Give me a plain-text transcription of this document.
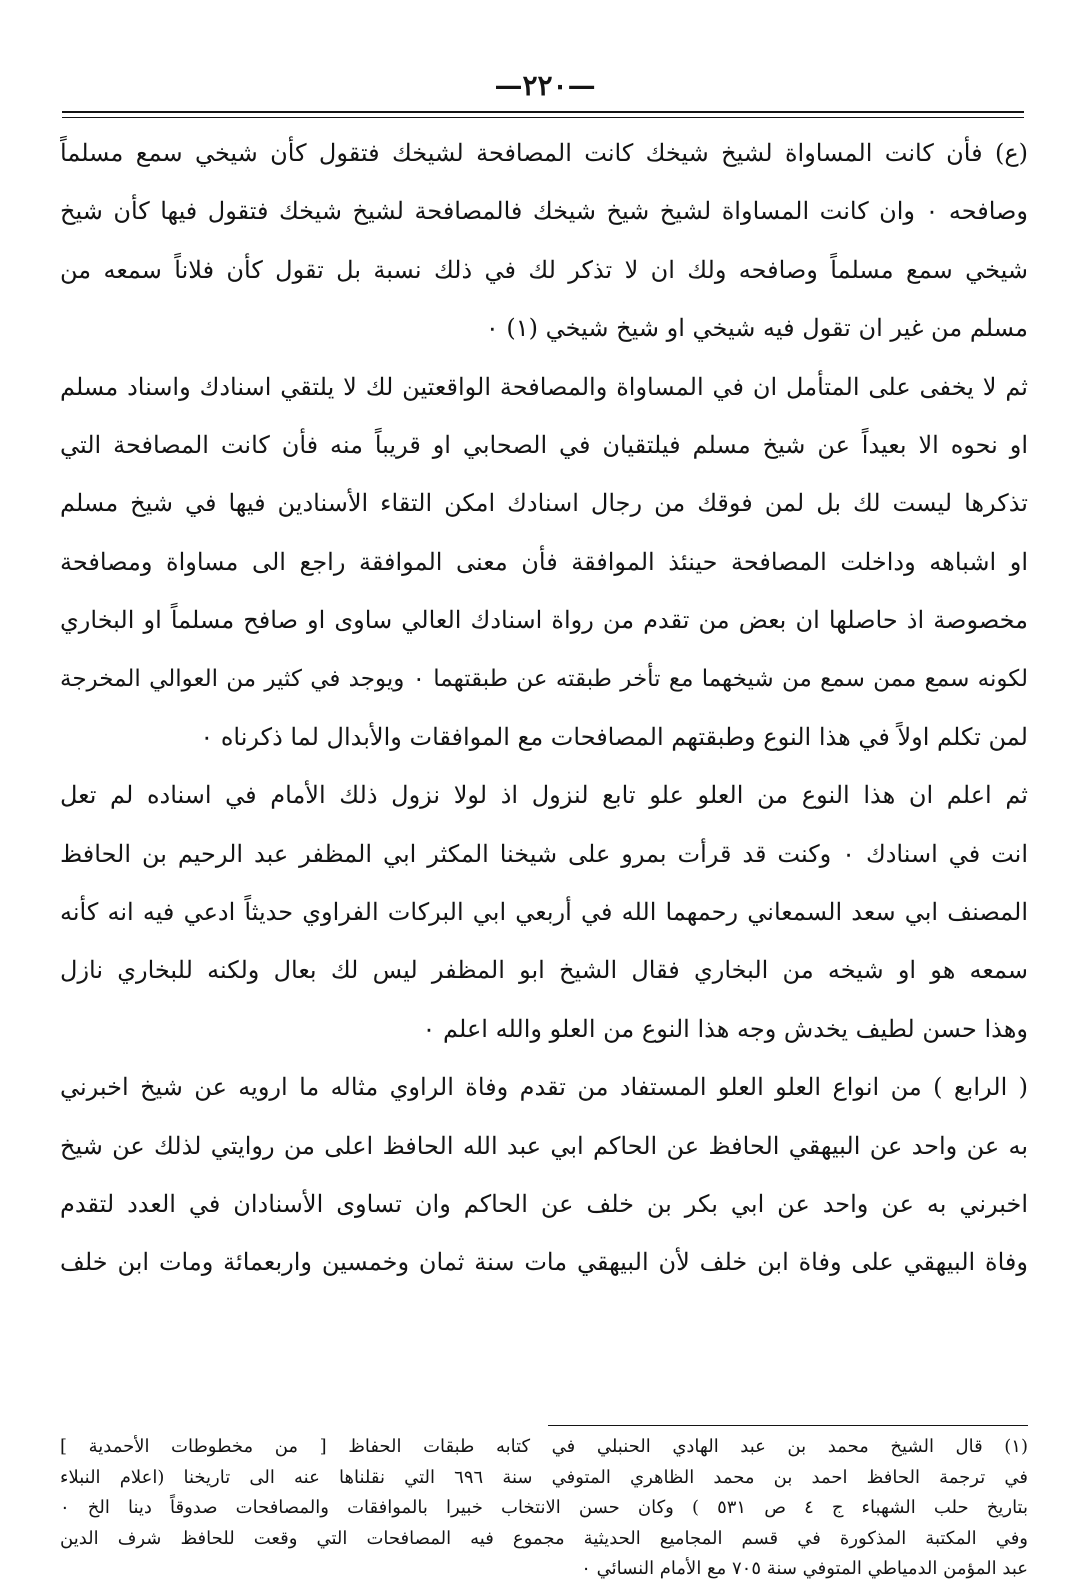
—٢٢٠—
(ع) فأن كانت المساواة لشيخ شيخك كانت المصافحة لشيخك فتقول كأن شيخي سمع مسلماً
وصافحه ٠ وان كانت المساواة لشيخ شيخ شيخك فالمصافحة لشيخ شيخك فتقول فيها كأن شيخ
شيخي سمع مسلماً وصافحه ولك ان لا تذكر لك في ذلك نسبة بل تقول كأن فلاناً سمعه من
مسلم من غير ان تقول فيه شيخي او شيخ شيخي (١) ٠
ثم لا يخفى على المتأمل ان في المساواة والمصافحة الواقعتين لك لا يلتقي اسنادك واسناد مسلم
او نحوه الا بعيداً عن شيخ مسلم فيلتقيان في الصحابي او قريباً منه فأن كانت المصافحة التي
تذكرها ليست لك بل لمن فوقك من رجال اسنادك امكن التقاء الأسنادين فيها في شيخ مسلم
او اشباهه وداخلت المصافحة حينئذ الموافقة فأن معنى الموافقة راجع الى مساواة ومصافحة
مخصوصة اذ حاصلها ان بعض من تقدم من رواة اسنادك العالي ساوى او صافح مسلماً او البخاري
لكونه سمع ممن سمع من شيخهما مع تأخر طبقته عن طبقتهما ٠ ويوجد في كثير من العوالي المخرجة
لمن تكلم اولاً في هذا النوع وطبقتهم المصافحات مع الموافقات والأبدال لما ذكرناه ٠
ثم اعلم ان هذا النوع من العلو علو تابع لنزول اذ لولا نزول ذلك الأمام في اسناده لم تعل
انت في اسنادك ٠ وكنت قد قرأت بمرو على شيخنا المكثر ابي المظفر عبد الرحيم بن الحافظ
المصنف ابي سعد السمعاني رحمهما الله في أربعي ابي البركات الفراوي حديثاً ادعي فيه انه كأنه
سمعه هو او شيخه من البخاري فقال الشيخ ابو المظفر ليس لك بعال ولكنه للبخاري نازل
وهذا حسن لطيف يخدش وجه هذا النوع من العلو والله اعلم ٠
( الرابع ) من انواع العلو العلو المستفاد من تقدم وفاة الراوي مثاله ما ارويه عن شيخ اخبرني
به عن واحد عن البيهقي الحافظ عن الحاكم ابي عبد الله الحافظ اعلى من روايتي لذلك عن شيخ
اخبرني به عن واحد عن ابي بكر بن خلف عن الحاكم وان تساوى الأسنادان في العدد لتقدم
وفاة البيهقي على وفاة ابن خلف لأن البيهقي مات سنة ثمان وخمسين واربعمائة ومات ابن خلف
(١) قال الشيخ محمد بن عبد الهادي الحنبلي في كتابه طبقات الحفاظ [ من مخطوطات الأحمدية ]
في ترجمة الحافظ احمد بن محمد الظاهري المتوفي سنة ٦٩٦ التي نقلناها عنه الى تاريخنا (اعلام النبلاء
بتاريخ حلب الشهباء ج ٤ ص ٥٣١ ) وكان حسن الانتخاب خبيرا بالموافقات والمصافحات صدوقاً دينا الخ ٠
وفي المكتبة المذكورة في قسم المجاميع الحديثية مجموع فيه المصافحات التي وقعت للحافظ شرف الدين
عبد المؤمن الدمياطي المتوفي سنة ٧٠٥ مع الأمام النسائي ٠
